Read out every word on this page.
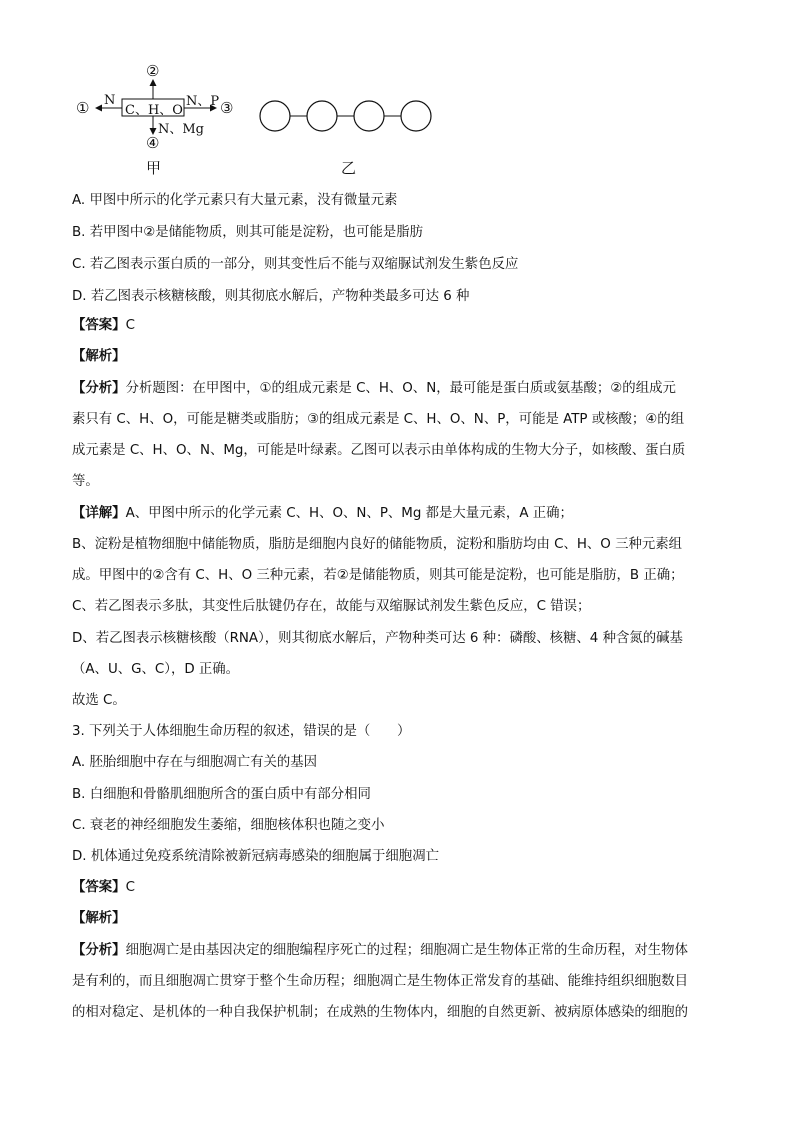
②
① N
C、H、O
N、P ③
N、Mg
④
甲	乙
A. 甲图中所示的化学元素只有大量元素，没有微量元素
B. 若甲图中②是储能物质，则其可能是淀粉，也可能是脂肪
C. 若乙图表示蛋白质的一部分，则其变性后不能与双缩脲试剂发生紫色反应
D. 若乙图表示核糖核酸，则其彻底水解后，产物种类最多可达 6 种
【答案】C
【解析】
【分析】分析题图：在甲图中，①的组成元素是 C、H、O、N，最可能是蛋白质或氨基酸；②的组成元
素只有 C、H、O，可能是糖类或脂肪；③的组成元素是 C、H、O、N、P，可能是 ATP 或核酸；④的组
成元素是 C、H、O、N、Mg，可能是叶绿素。乙图可以表示由单体构成的生物大分子，如核酸、蛋白质
等。
【详解】A、甲图中所示的化学元素 C、H、O、N、P、Mg 都是大量元素，A 正确；
B、淀粉是植物细胞中储能物质，脂肪是细胞内良好的储能物质，淀粉和脂肪均由 C、H、O 三种元素组
成。甲图中的②含有 C、H、O 三种元素，若②是储能物质，则其可能是淀粉，也可能是脂肪，B 正确；
C、若乙图表示多肽，其变性后肽键仍存在，故能与双缩脲试剂发生紫色反应，C 错误；
D、若乙图表示核糖核酸（RNA），则其彻底水解后，产物种类可达 6 种：磷酸、核糖、4 种含氮的碱基
（A、U、G、C），D 正确。
故选 C。
3. 下列关于人体细胞生命历程的叙述，错误的是（　　）
A. 胚胎细胞中存在与细胞凋亡有关的基因
B. 白细胞和骨骼肌细胞所含的蛋白质中有部分相同
C. 衰老的神经细胞发生萎缩，细胞核体积也随之变小
D. 机体通过免疫系统清除被新冠病毒感染的细胞属于细胞凋亡
【答案】C
【解析】
【分析】细胞凋亡是由基因决定的细胞编程序死亡的过程；细胞凋亡是生物体正常的生命历程，对生物体
是有利的，而且细胞凋亡贯穿于整个生命历程；细胞凋亡是生物体正常发育的基础、能维持组织细胞数目
的相对稳定、是机体的一种自我保护机制；在成熟的生物体内，细胞的自然更新、被病原体感染的细胞的
